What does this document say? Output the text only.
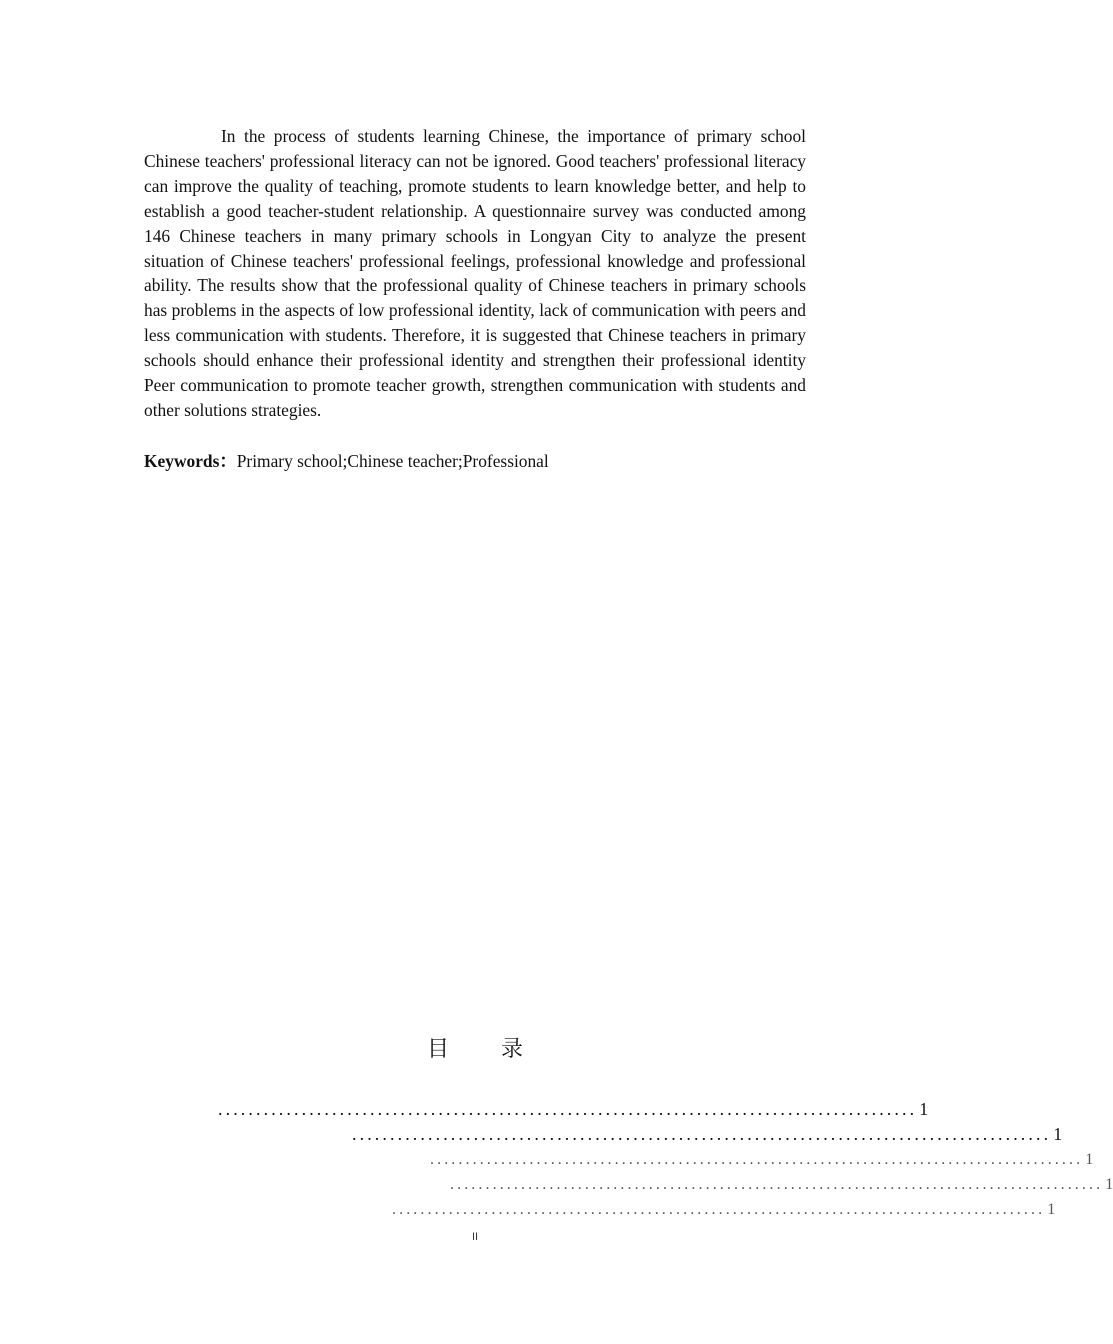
In the process of students learning Chinese, the importance of primary school Chinese teachers' professional literacy can not be ignored. Good teachers' professional literacy can improve the quality of teaching, promote students to learn knowledge better, and help to establish a good teacher-student relationship. A questionnaire survey was conducted among 146 Chinese teachers in many primary schools in Longyan City to analyze the present situation of Chinese teachers' professional feelings, professional knowledge and professional ability. The results show that the professional quality of Chinese teachers in primary schools has problems in the aspects of low professional identity, lack of communication with peers and less communication with students. Therefore, it is suggested that Chinese teachers in primary schools should enhance their professional identity and strengthen their professional identity Peer communication to promote teacher growth, strengthen communication with students and other solutions strategies.

Keywords：Primary school;Chinese teacher;Professional
目 录
............................................................................................ 1
............................................................................................ 1
............................................................................................ 1
............................................................................................ 1
............................................................................................ 1
II
